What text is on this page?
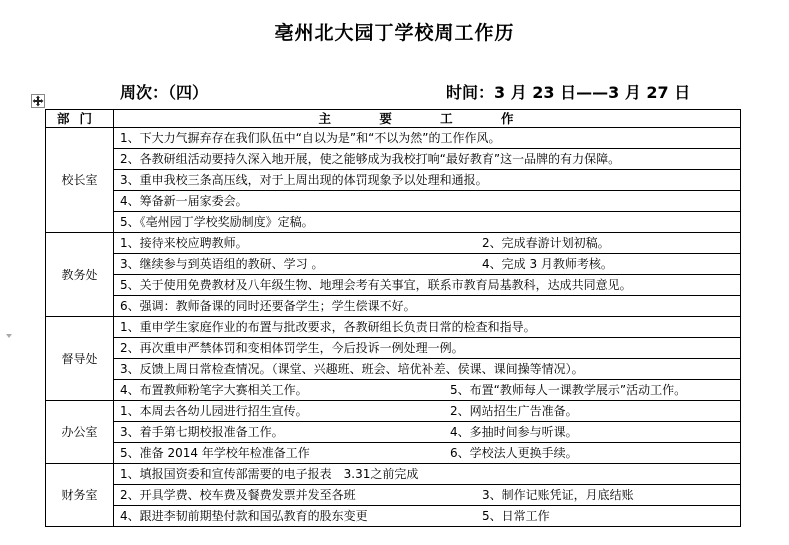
亳州北大园丁学校周工作历
周次：（四）	时间：3 月 23 日——3 月 27 日
部门	主 要 工 作
校长室	1、下大力气摒弃存在我们队伍中“自以为是”和“不以为然”的工作作风。
	2、各教研组活动要持久深入地开展，使之能够成为我校打响“最好教育”这一品牌的有力保障。
	3、重申我校三条高压线，对于上周出现的体罚现象予以处理和通报。
	4、筹备新一届家委会。
	5、《亳州园丁学校奖励制度》定稿。
教务处	1、接待来校应聘教师。 2、完成春游计划初稿。

	3、继续参与到英语组的教研、学习 。 4、完成 3 月教师考核。

	5、关于使用免费教材及八年级生物、地理会考有关事宜，联系市教育局基教科，达成共同意见。
	6、强调：教师备课的同时还要备学生；学生偿课不好。
督导处	1、重申学生家庭作业的布置与批改要求，各教研组长负责日常的检查和指导。
	2、再次重申严禁体罚和变相体罚学生，今后投诉一例处理一例。
	3、反馈上周日常检查情况。（课堂、兴趣班、班会、培优补差、侯课、课间操等情况）。

	4、布置教师粉笔字大赛相关工作。 5、布置“教师每人一课教学展示”活动工作。

办公室	1、本周去各幼儿园进行招生宣传。 2、网站招生广告准备。

	3、着手第七期校报准备工作。 4、多抽时间参与听课。

	5、准备 2014 年学校年检准备工作 6、学校法人更换手续。

财务室	1、填报国资委和宣传部需要的电子报表　3.31之前完成

	2、开具学费、校车费及餐费发票并发至各班 3、制作记账凭证，月底结账

	4、跟进李韧前期垫付款和国弘教育的股东变更 5、日常工作
